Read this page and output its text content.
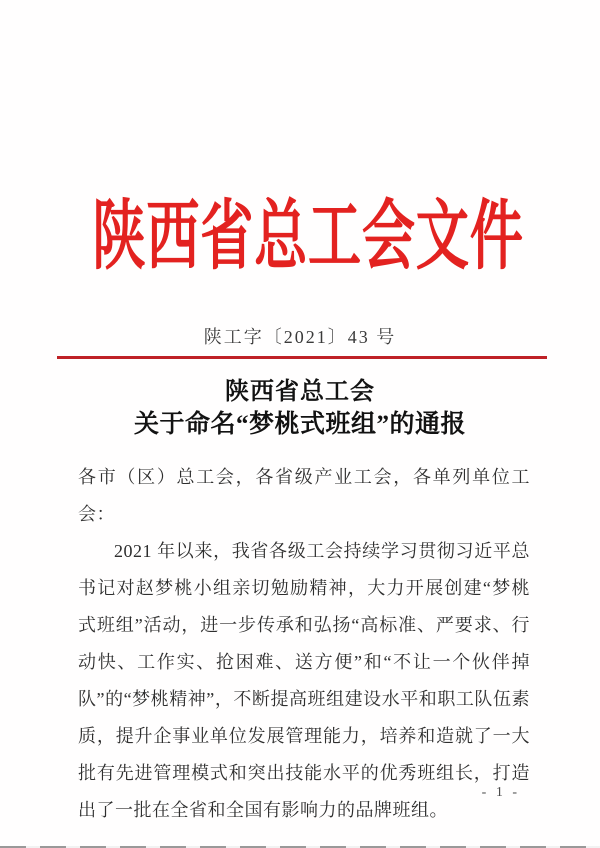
陕西省总工会文件
陕工字〔2021〕43 号
陕西省总工会
关于命名“梦桃式班组”的通报

各市（区）总工会，各省级产业工会，各单列单位工会：

2021 年以来，我省各级工会持续学习贯彻习近平总书记对赵梦桃小组亲切勉励精神，大力开展创建“梦桃式班组”活动，进一步传承和弘扬“高标准、严要求、行动快、工作实、抢困难、送方便”和“不让一个伙伴掉队”的“梦桃精神”，不断提高班组建设水平和职工队伍素质，提升企事业单位发展管理能力，培养和造就了一大批有先进管理模式和突出技能水平的优秀班组长，打造出了一批在全省和全国有影响力的品牌班组。

- 1 -
